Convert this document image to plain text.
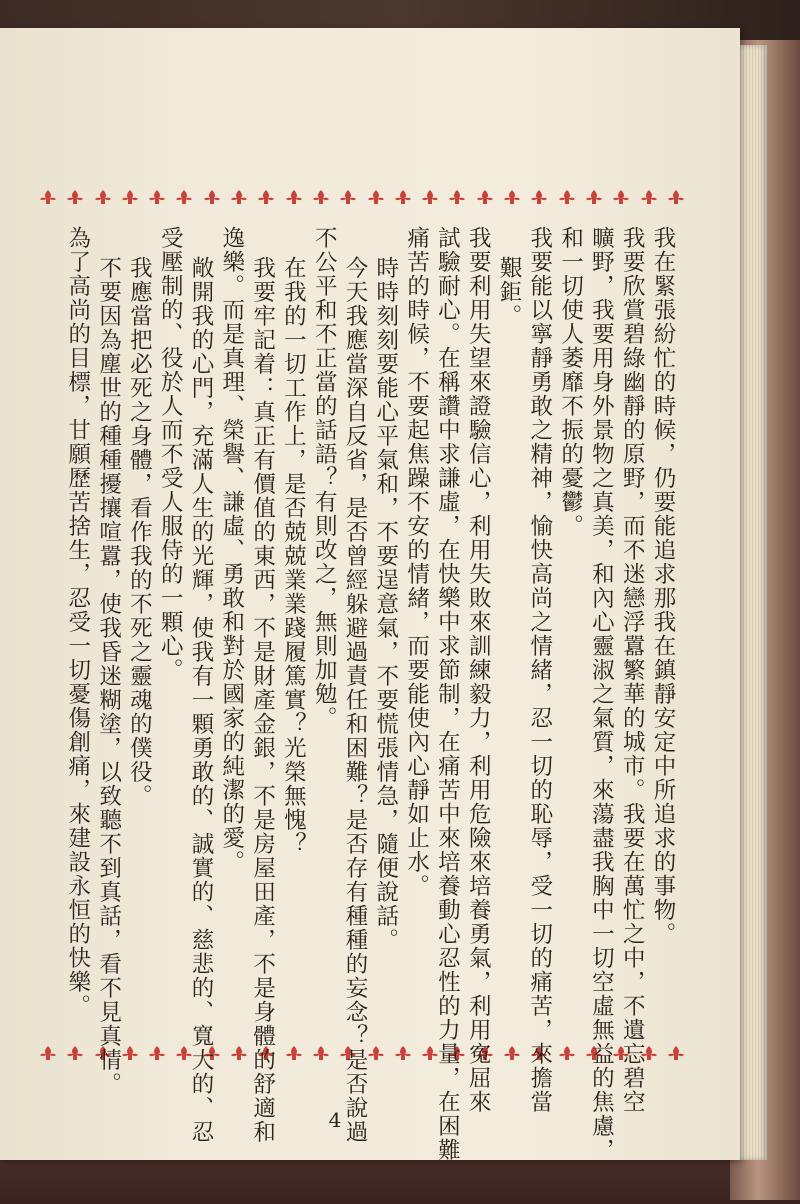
我在緊張紛忙的時候，仍要能追求那我在鎮靜安定中所追求的事物。
我要欣賞碧綠幽靜的原野，而不迷戀浮囂繁華的城市。我要在萬忙之中，不遺忘碧空
曠野，我要用身外景物之真美，和內心靈淑之氣質，來蕩盡我胸中一切空虛無益的焦慮，
和一切使人萎靡不振的憂鬱。
我要能以寧靜勇敢之精神，愉快高尚之情緒，忍一切的恥辱，受一切的痛苦，來擔當
艱鉅。
我要利用失望來證驗信心，利用失敗來訓練毅力，利用危險來培養勇氣，利用寃屈來
試驗耐心。在稱讚中求謙虛，在快樂中求節制，在痛苦中來培養動心忍性的力量，在困難
痛苦的時候，不要起焦躁不安的情緒，而要能使內心靜如止水。
時時刻刻要能心平氣和，不要逞意氣，不要慌張情急，隨便說話。
今天我應當深自反省，是否曾經躲避過責任和困難？是否存有種種的妄念？是否說過
不公平和不正當的話語？有則改之，無則加勉。
在我的一切工作上，是否兢兢業業踐履篤實？光榮無愧？
我要牢記着：真正有價值的東西，不是財產金銀，不是房屋田產，不是身體的舒適和
逸樂。而是真理、榮譽、謙虛、勇敢和對於國家的純潔的愛。
敞開我的心門，充滿人生的光輝，使我有一顆勇敢的、誠實的、慈悲的、寬大的、忍
受壓制的、役於人而不受人服侍的一顆心。
我應當把必死之身體，看作我的不死之靈魂的僕役。
不要因為塵世的種種擾攘喧囂，使我昏迷糊塗，以致聽不到真話，看不見真情。
為了高尚的目標，甘願歷苦捨生，忍受一切憂傷創痛，來建設永恒的快樂。
4
